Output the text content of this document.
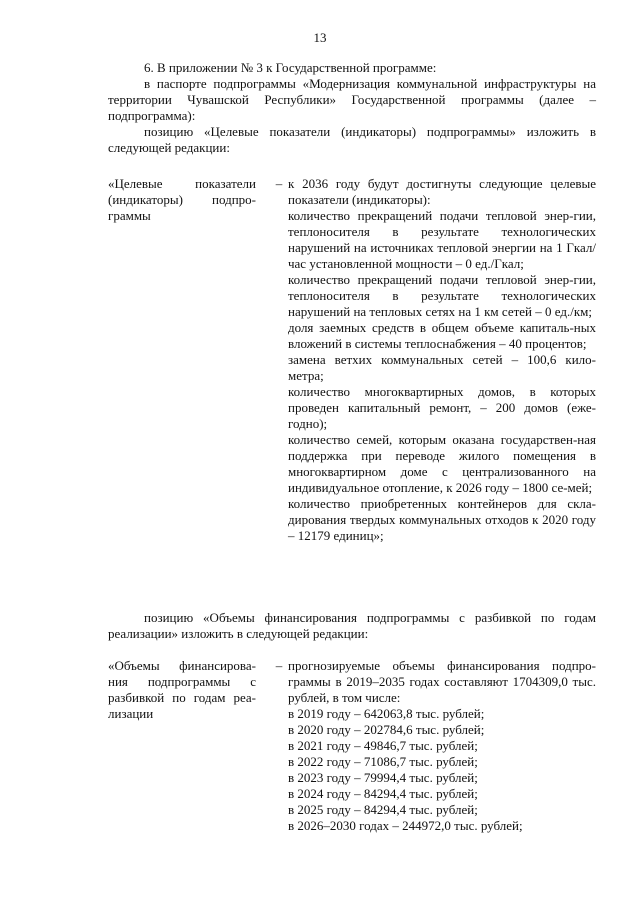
13

6. В приложении № 3 к Государственной программе:

в паспорте подпрограммы «Модернизация коммунальной инфраструктуры на территории Чувашской Республики» Государственной программы (далее – подпрограмма):

позицию «Целевые показатели (индикаторы) подпрограммы» изложить в следующей редакции:

«Целевые показатели (индикаторы) подпро-граммы
– к 2036 году будут достигнуты следующие целевые показатели (индикаторы):

количество прекращений подачи тепловой энер-гии, теплоносителя в результате технологических нарушений на источниках тепловой энергии на 1 Гкал/час установленной мощности – 0 ед./Гкал;

количество прекращений подачи тепловой энер-гии, теплоносителя в результате технологических нарушений на тепловых сетях на 1 км сетей – 0 ед./км;

доля заемных средств в общем объеме капиталь-ных вложений в системы теплоснабжения – 40 процентов;

замена ветхих коммунальных сетей – 100,6 кило-метра;

количество многоквартирных домов, в которых проведен капитальный ремонт, – 200 домов (еже-годно);

количество семей, которым оказана государствен-ная поддержка при переводе жилого помещения в многоквартирном доме с централизованного на индивидуальное отопление, к 2026 году – 1800 се-мей;

количество приобретенных контейнеров для скла-дирования твердых коммунальных отходов к 2020 году – 12179 единиц»;

позицию «Объемы финансирования подпрограммы с разбивкой по годам реализации» изложить в следующей редакции:

«Объемы финансирова-ния подпрограммы с разбивкой по годам реа-лизации
– прогнозируемые объемы финансирования подпро-граммы в 2019–2035 годах составляют 1704309,0 тыс. рублей, в том числе:

в 2019 году – 642063,8 тыс. рублей;

в 2020 году – 202784,6 тыс. рублей;

в 2021 году – 49846,7 тыс. рублей;

в 2022 году – 71086,7 тыс. рублей;

в 2023 году – 79994,4 тыс. рублей;

в 2024 году – 84294,4 тыс. рублей;

в 2025 году – 84294,4 тыс. рублей;

в 2026–2030 годах – 244972,0 тыс. рублей;
